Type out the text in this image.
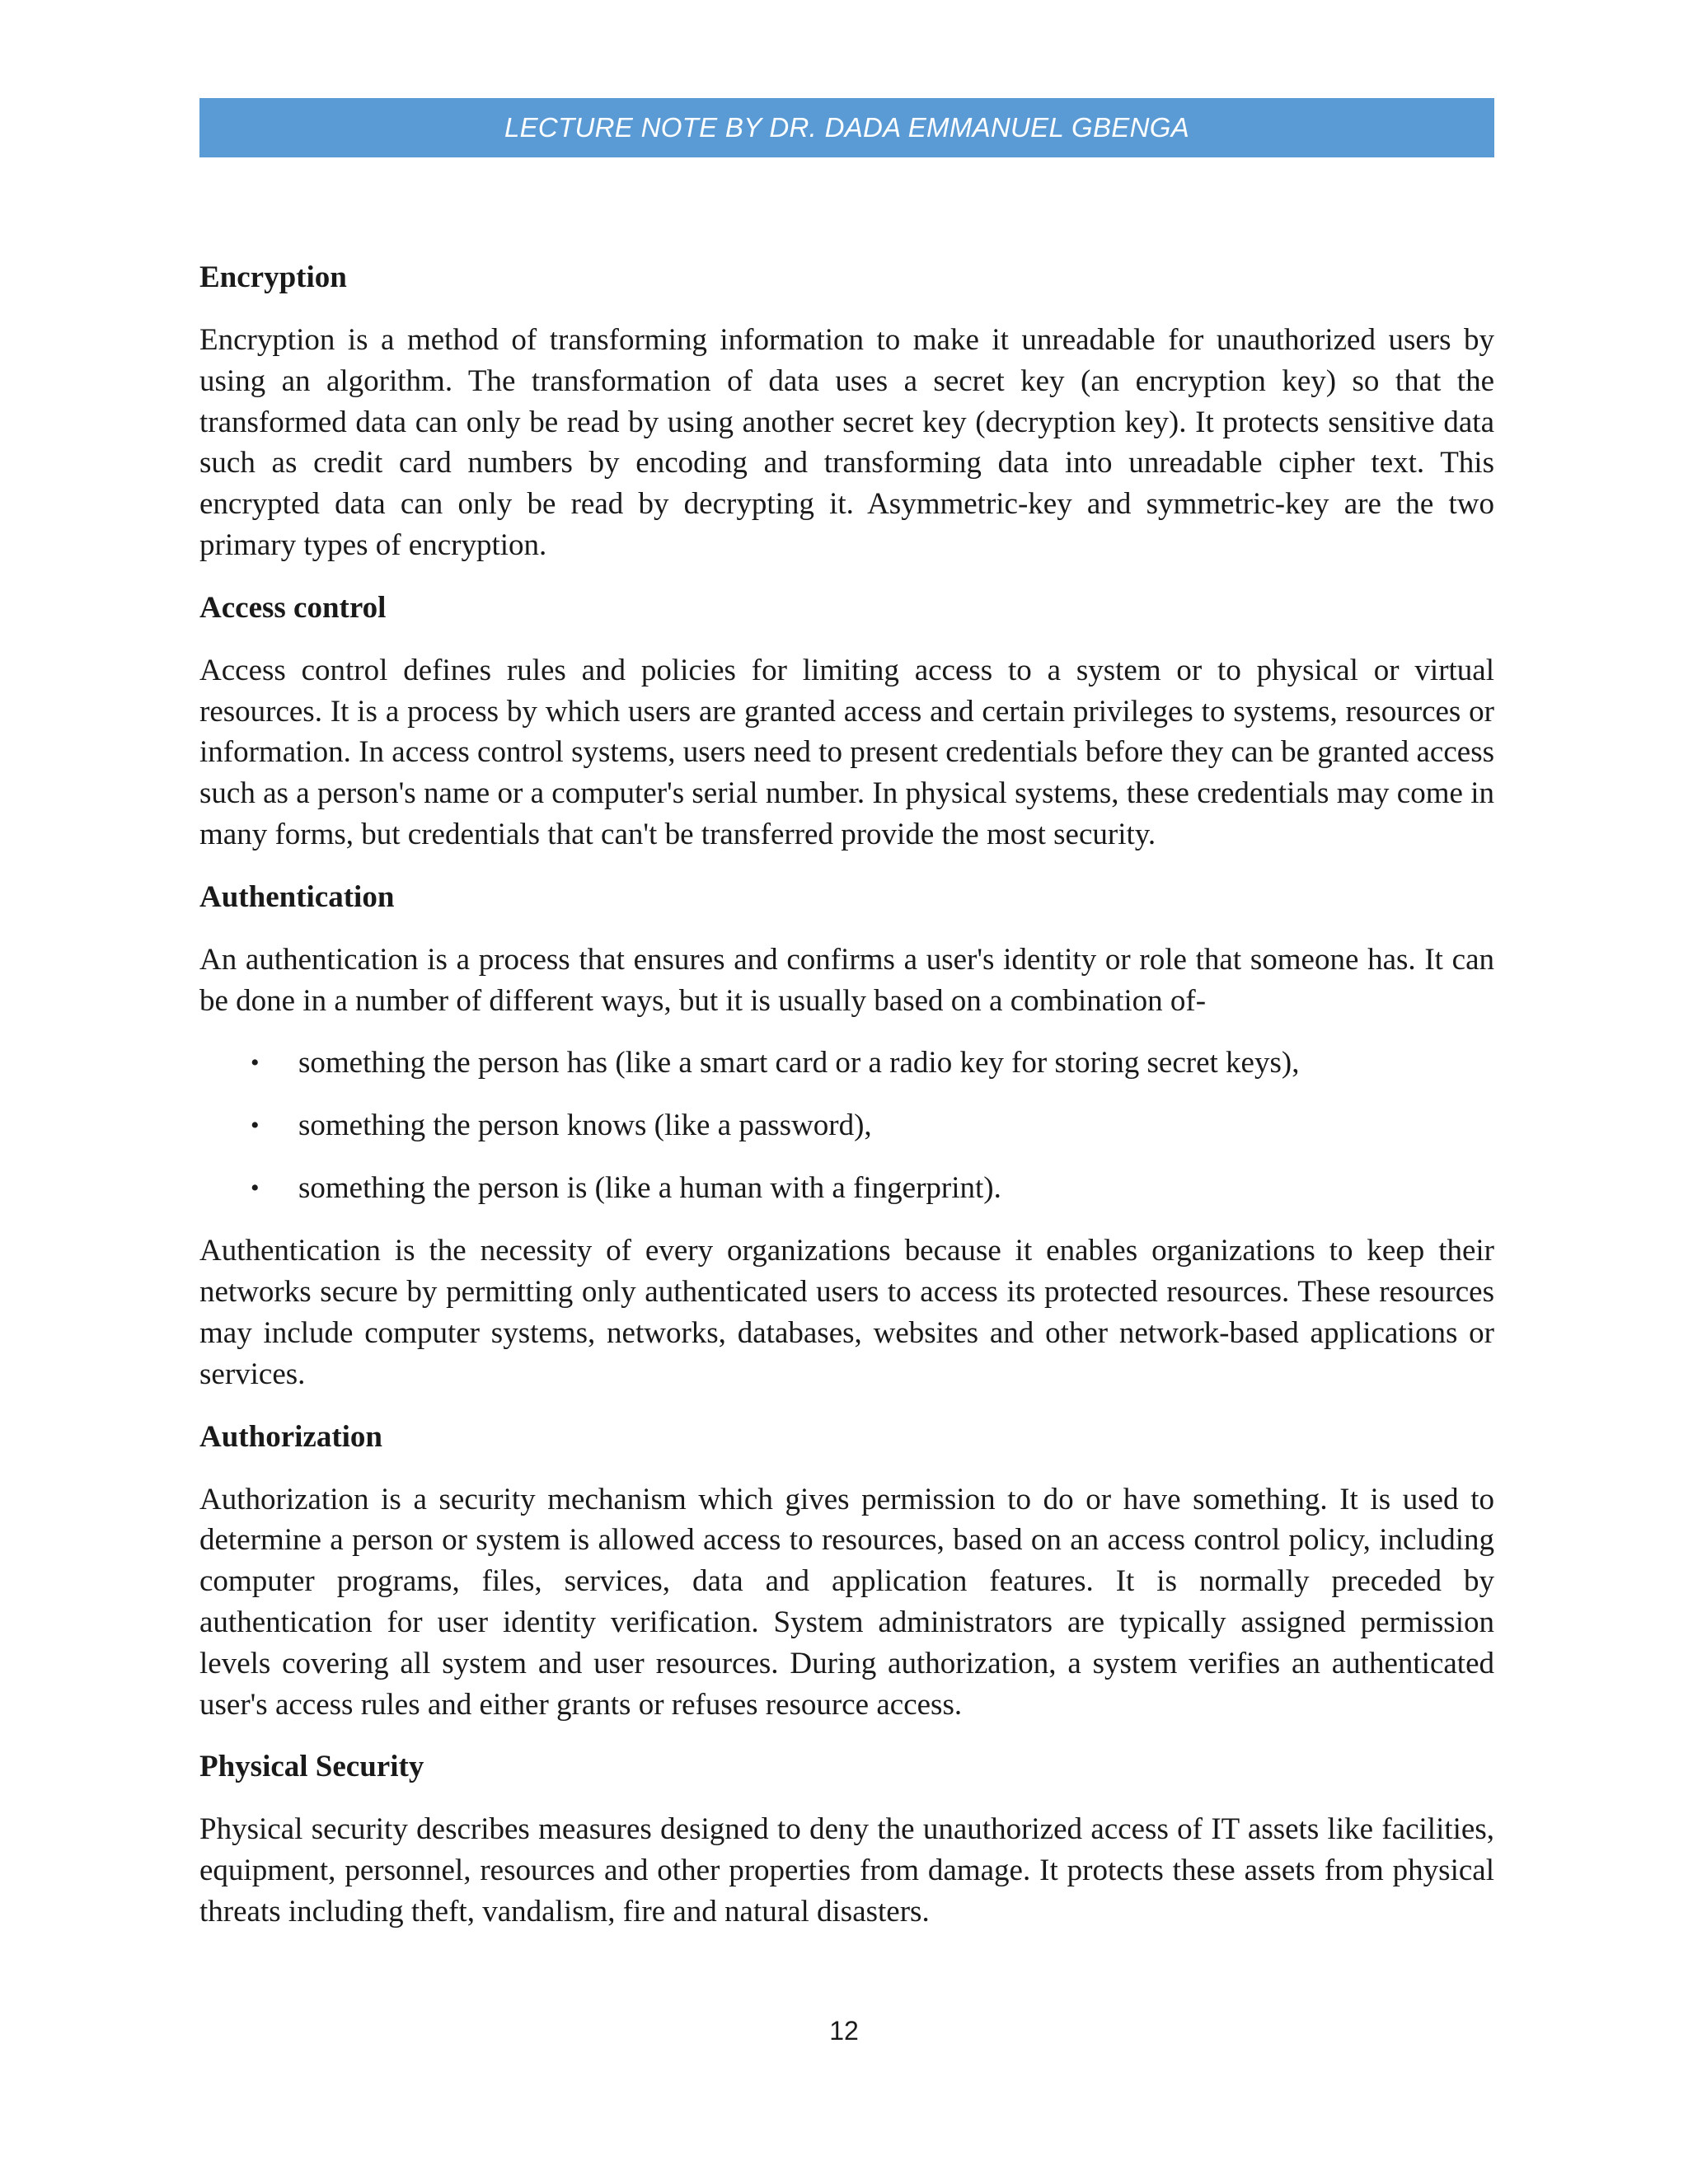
LECTURE NOTE BY DR. DADA EMMANUEL GBENGA
Encryption
Encryption is a method of transforming information to make it unreadable for unauthorized users by using an algorithm. The transformation of data uses a secret key (an encryption key) so that the transformed data can only be read by using another secret key (decryption key). It protects sensitive data such as credit card numbers by encoding and transforming data into unreadable cipher text. This encrypted data can only be read by decrypting it. Asymmetric-key and symmetric-key are the two primary types of encryption.
Access control
Access control defines rules and policies for limiting access to a system or to physical or virtual resources. It is a process by which users are granted access and certain privileges to systems, resources or information. In access control systems, users need to present credentials before they can be granted access such as a person's name or a computer's serial number. In physical systems, these credentials may come in many forms, but credentials that can't be transferred provide the most security.
Authentication
An authentication is a process that ensures and confirms a user's identity or role that someone has. It can be done in a number of different ways, but it is usually based on a combination of-
• something the person has (like a smart card or a radio key for storing secret keys),
• something the person knows (like a password),
• something the person is (like a human with a fingerprint).
Authentication is the necessity of every organizations because it enables organizations to keep their networks secure by permitting only authenticated users to access its protected resources. These resources may include computer systems, networks, databases, websites and other network-based applications or services.
Authorization
Authorization is a security mechanism which gives permission to do or have something. It is used to determine a person or system is allowed access to resources, based on an access control policy, including computer programs, files, services, data and application features. It is normally preceded by authentication for user identity verification. System administrators are typically assigned permission levels covering all system and user resources. During authorization, a system verifies an authenticated user's access rules and either grants or refuses resource access.
Physical Security
Physical security describes measures designed to deny the unauthorized access of IT assets like facilities, equipment, personnel, resources and other properties from damage. It protects these assets from physical threats including theft, vandalism, fire and natural disasters.
12
